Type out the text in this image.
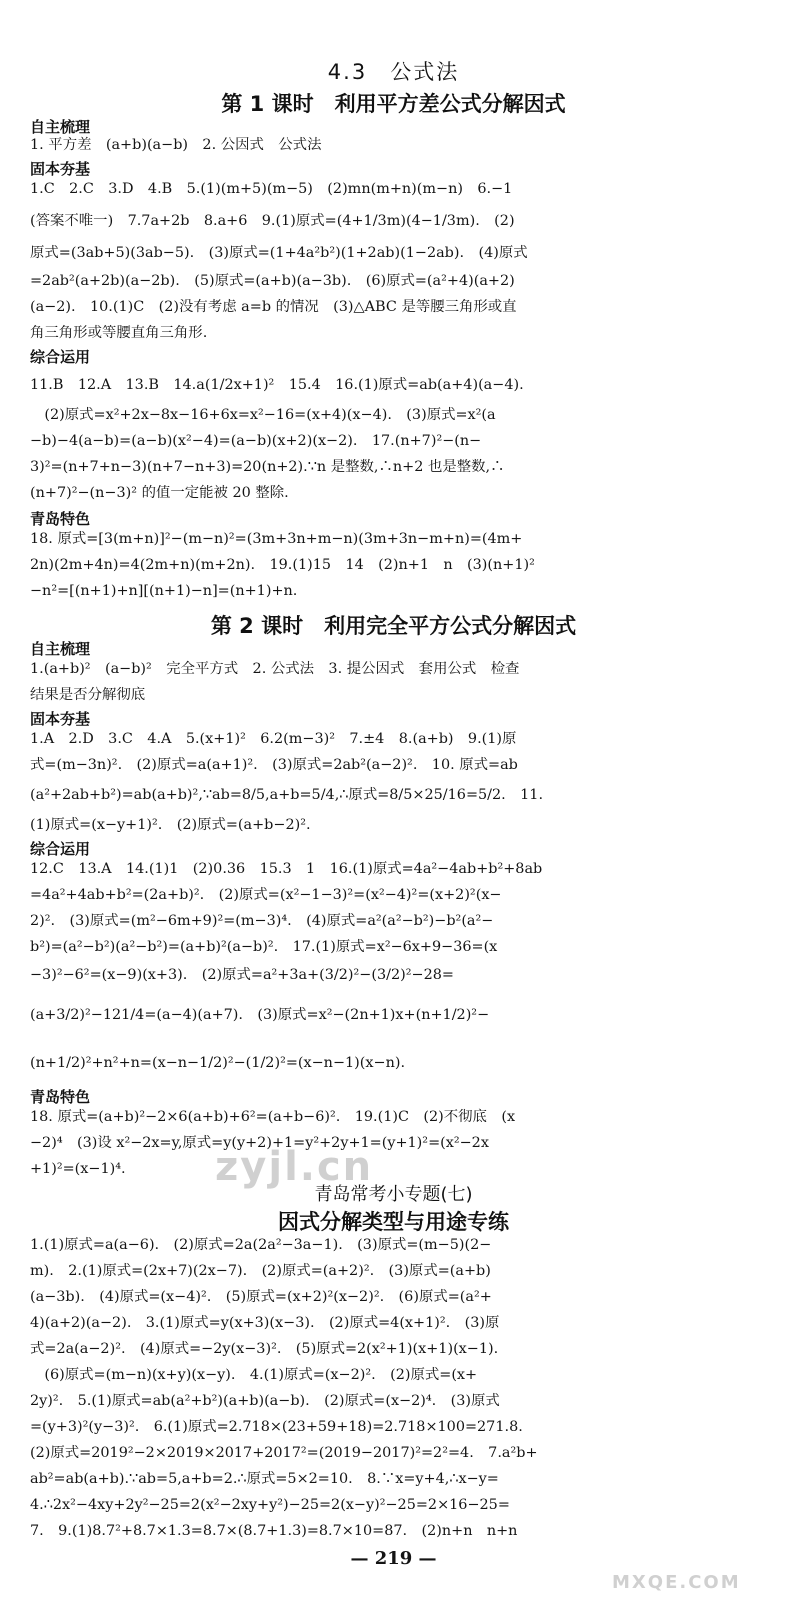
4.3　公式法
第 1 课时　利用平方差公式分解因式
自主梳理
1. 平方差　(a+b)(a−b)　2. 公因式　公式法
固本夯基
1.C　2.C　3.D　4.B　5.(1)(m+5)(m−5)　(2)mn(m+n)(m−n)　6.−1
(答案不唯一)　7.7a+2b　8.a+6　9.(1)原式=(4+1/3m)(4−1/3m).　(2)
原式=(3ab+5)(3ab−5).　(3)原式=(1+4a²b²)(1+2ab)(1−2ab).　(4)原式
=2ab²(a+2b)(a−2b).　(5)原式=(a+b)(a−3b).　(6)原式=(a²+4)(a+2)
(a−2).　10.(1)C　(2)没有考虑 a=b 的情况　(3)△ABC 是等腰三角形或直
角三角形或等腰直角三角形.
综合运用
11.B　12.A　13.B　14.a(1/2x+1)²　15.4　16.(1)原式=ab(a+4)(a−4).
　(2)原式=x²+2x−8x−16+6x=x²−16=(x+4)(x−4).　(3)原式=x²(a
−b)−4(a−b)=(a−b)(x²−4)=(a−b)(x+2)(x−2).　17.(n+7)²−(n−
3)²=(n+7+n−3)(n+7−n+3)=20(n+2).∵n 是整数,∴n+2 也是整数,∴
(n+7)²−(n−3)² 的值一定能被 20 整除.
青岛特色
18. 原式=[3(m+n)]²−(m−n)²=(3m+3n+m−n)(3m+3n−m+n)=(4m+
2n)(2m+4n)=4(2m+n)(m+2n).　19.(1)15　14　(2)n+1　n　(3)(n+1)²
−n²=[(n+1)+n][(n+1)−n]=(n+1)+n.
第 2 课时　利用完全平方公式分解因式
自主梳理
1.(a+b)²　(a−b)²　完全平方式　2. 公式法　3. 提公因式　套用公式　检查
结果是否分解彻底
固本夯基
1.A　2.D　3.C　4.A　5.(x+1)²　6.2(m−3)²　7.±4　8.(a+b)　9.(1)原
式=(m−3n)².　(2)原式=a(a+1)².　(3)原式=2ab²(a−2)².　10. 原式=ab
(a²+2ab+b²)=ab(a+b)²,∵ab=8/5,a+b=5/4,∴原式=8/5×25/16=5/2.　11.
(1)原式=(x−y+1)².　(2)原式=(a+b−2)².
综合运用
12.C　13.A　14.(1)1　(2)0.36　15.3　1　16.(1)原式=4a²−4ab+b²+8ab
=4a²+4ab+b²=(2a+b)².　(2)原式=(x²−1−3)²=(x²−4)²=(x+2)²(x−
2)².　(3)原式=(m²−6m+9)²=(m−3)⁴.　(4)原式=a²(a²−b²)−b²(a²−
b²)=(a²−b²)(a²−b²)=(a+b)²(a−b)².　17.(1)原式=x²−6x+9−36=(x
−3)²−6²=(x−9)(x+3).　(2)原式=a²+3a+(3/2)²−(3/2)²−28=
(a+3/2)²−121/4=(a−4)(a+7).　(3)原式=x²−(2n+1)x+(n+1/2)²−
(n+1/2)²+n²+n=(x−n−1/2)²−(1/2)²=(x−n−1)(x−n).
青岛特色
18. 原式=(a+b)²−2×6(a+b)+6²=(a+b−6)².　19.(1)C　(2)不彻底　(x
−2)⁴　(3)设 x²−2x=y,原式=y(y+2)+1=y²+2y+1=(y+1)²=(x²−2x
+1)²=(x−1)⁴.
青岛常考小专题(七)
因式分解类型与用途专练
1.(1)原式=a(a−6).　(2)原式=2a(2a²−3a−1).　(3)原式=(m−5)(2−
m).　2.(1)原式=(2x+7)(2x−7).　(2)原式=(a+2)².　(3)原式=(a+b)
(a−3b).　(4)原式=(x−4)².　(5)原式=(x+2)²(x−2)².　(6)原式=(a²+
4)(a+2)(a−2).　3.(1)原式=y(x+3)(x−3).　(2)原式=4(x+1)².　(3)原
式=2a(a−2)².　(4)原式=−2y(x−3)².　(5)原式=2(x²+1)(x+1)(x−1).
　(6)原式=(m−n)(x+y)(x−y).　4.(1)原式=(x−2)².　(2)原式=(x+
2y)².　5.(1)原式=ab(a²+b²)(a+b)(a−b).　(2)原式=(x−2)⁴.　(3)原式
=(y+3)²(y−3)².　6.(1)原式=2.718×(23+59+18)=2.718×100=271.8.
(2)原式=2019²−2×2019×2017+2017²=(2019−2017)²=2²=4.　7.a²b+
ab²=ab(a+b).∵ab=5,a+b=2.∴原式=5×2=10.　8.∵x=y+4,∴x−y=
4.∴2x²−4xy+2y²−25=2(x²−2xy+y²)−25=2(x−y)²−25=2×16−25=
7.　9.(1)8.7²+8.7×1.3=8.7×(8.7+1.3)=8.7×10=87.　(2)n+n　n+n
zyjl.cn
MXQE.COM
— 219 —
